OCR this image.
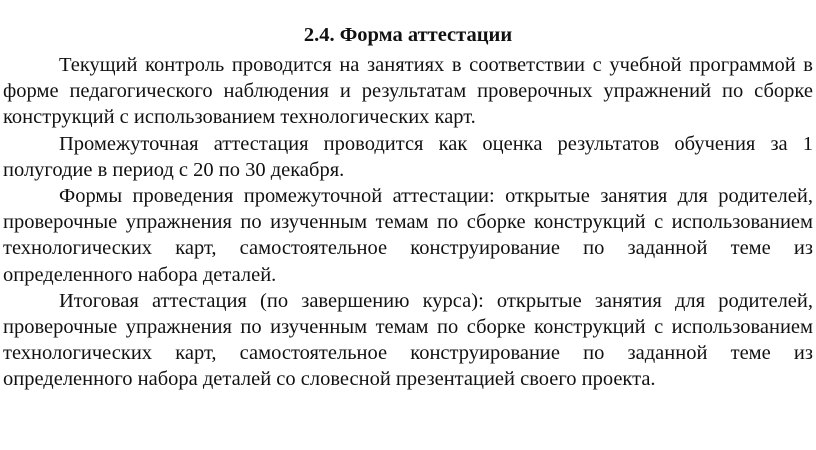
2.4. Форма аттестации

Текущий контроль проводится на занятиях в соответствии с учебной программой в форме педагогического наблюдения и результатам проверочных упражнений по сборке конструкций с использованием технологических карт.

Промежуточная аттестация проводится как оценка результатов обучения за 1 полугодие в период с 20 по 30 декабря.

Формы проведения промежуточной аттестации: открытые занятия для родителей, проверочные упражнения по изученным темам по сборке конструкций с использованием технологических карт, самостоятельное конструирование по заданной теме из определенного набора деталей.

Итоговая аттестация (по завершению курса): открытые занятия для родителей, проверочные упражнения по изученным темам по сборке конструкций с использованием технологических карт, самостоятельное конструирование по заданной теме из определенного набора деталей со словесной презентацией своего проекта.
